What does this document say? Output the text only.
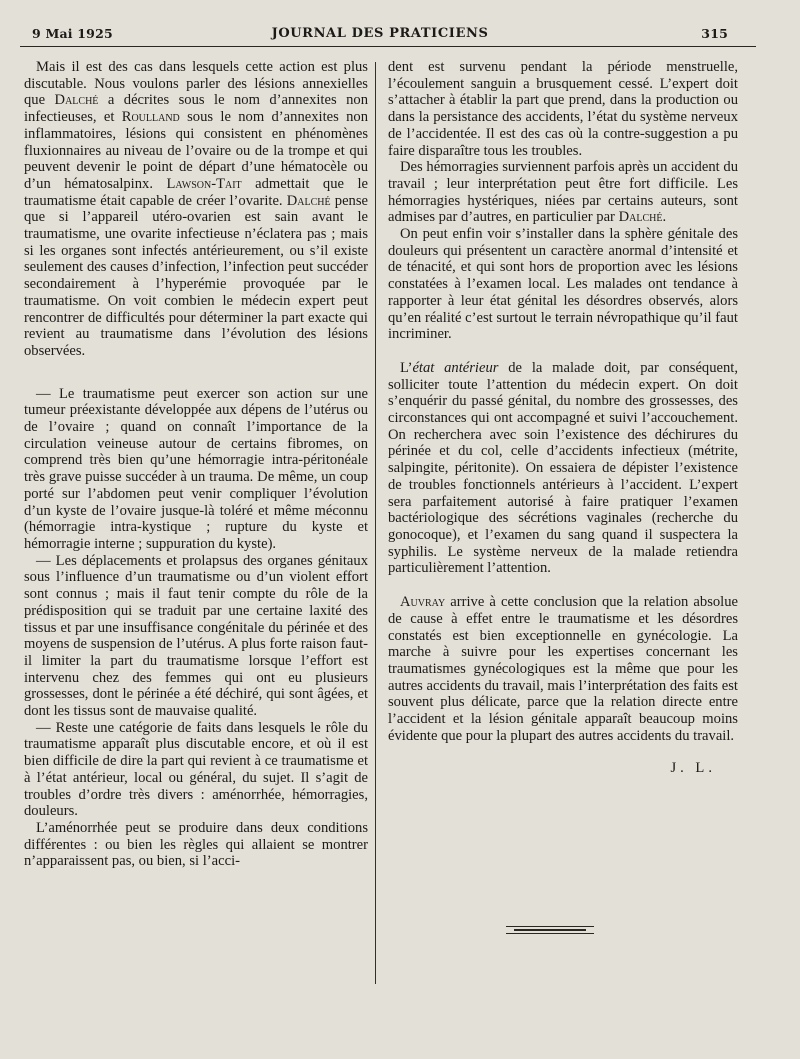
9 Mai 1925	JOURNAL DES PRATICIENS	315

Mais il est des cas dans lesquels cette action est plus discutable. Nous voulons parler des lésions annexielles que Dalché a décrites sous le nom d’annexites non infectieuses, et Roulland sous le nom d’annexites non inflammatoires, lésions qui consistent en phénomènes fluxionnaires au niveau de l’ovaire ou de la trompe et qui peuvent devenir le point de départ d’une hématocèle ou d’un hématosalpinx. Lawson-Tait admettait que le traumatisme était capable de créer l’ovarite. Dalché pense que si l’appareil utéro-ovarien est sain avant le traumatisme, une ovarite infectieuse n’éclatera pas ; mais si les organes sont infectés antérieurement, ou s’il existe seulement des causes d’infection, l’infection peut succéder secondairement à l’hyperémie provoquée par le traumatisme. On voit combien le médecin expert peut rencontrer de difficultés pour déterminer la part exacte qui revient au traumatisme dans l’évolution des lésions observées.

— Le traumatisme peut exercer son action sur une tumeur préexistante développée aux dépens de l’utérus ou de l’ovaire ; quand on connaît l’importance de la circulation veineuse autour de certains fibromes, on comprend très bien qu’une hémorragie intra-péritonéale très grave puisse succéder à un trauma. De même, un coup porté sur l’abdomen peut venir compliquer l’évolution d’un kyste de l’ovaire jusque-là toléré et même méconnu (hémorragie intra-kystique ; rupture du kyste et hémorragie interne ; suppuration du kyste).

— Les déplacements et prolapsus des organes génitaux sous l’influence d’un traumatisme ou d’un violent effort sont connus ; mais il faut tenir compte du rôle de la prédisposition qui se traduit par une certaine laxité des tissus et par une insuffisance congénitale du périnée et des moyens de suspension de l’utérus. A plus forte raison faut-il limiter la part du traumatisme lorsque l’effort est intervenu chez des femmes qui ont eu plusieurs grossesses, dont le périnée a été déchiré, qui sont âgées, et dont les tissus sont de mauvaise qualité.

— Reste une catégorie de faits dans lesquels le rôle du traumatisme apparaît plus discutable encore, et où il est bien difficile de dire la part qui revient à ce traumatisme et à l’état antérieur, local ou général, du sujet. Il s’agit de troubles d’ordre très divers : aménorrhée, hémorragies, douleurs.

L’aménorrhée peut se produire dans deux conditions différentes : ou bien les règles qui allaient se montrer n’apparaissent pas, ou bien, si l’acci-

dent est survenu pendant la période menstruelle, l’écoulement sanguin a brusquement cessé. L’expert doit s’attacher à établir la part que prend, dans la production ou dans la persistance des accidents, l’état du système nerveux de l’accidentée. Il est des cas où la contre-suggestion a pu faire disparaître tous les troubles.

Des hémorragies surviennent parfois après un accident du travail ; leur interprétation peut être fort difficile. Les hémorragies hystériques, niées par certains auteurs, sont admises par d’autres, en particulier par Dalché.

On peut enfin voir s’installer dans la sphère génitale des douleurs qui présentent un caractère anormal d’intensité et de ténacité, et qui sont hors de proportion avec les lésions constatées à l’examen local. Les malades ont tendance à rapporter à leur état génital les désordres observés, alors qu’en réalité c’est surtout le terrain névropathique qu’il faut incriminer.

L’état antérieur de la malade doit, par conséquent, solliciter toute l’attention du médecin expert. On doit s’enquérir du passé génital, du nombre des grossesses, des circonstances qui ont accompagné et suivi l’accouchement. On recherchera avec soin l’existence des déchirures du périnée et du col, celle d’accidents infectieux (métrite, salpingite, péritonite). On essaiera de dépister l’existence de troubles fonctionnels antérieurs à l’accident. L’expert sera parfaitement autorisé à faire pratiquer l’examen bactériologique des sécrétions vaginales (recherche du gonocoque), et l’examen du sang quand il suspectera la syphilis. Le système nerveux de la malade retiendra particulièrement l’attention.

Auvray arrive à cette conclusion que la relation absolue de cause à effet entre le traumatisme et les désordres constatés est bien exceptionnelle en gynécologie. La marche à suivre pour les expertises concernant les traumatismes gynécologiques est la même que pour les autres accidents du travail, mais l’interprétation des faits est souvent plus délicate, parce que la relation directe entre l’accident et la lésion génitale apparaît beaucoup moins évidente que pour la plupart des autres accidents du travail.

J. L.
